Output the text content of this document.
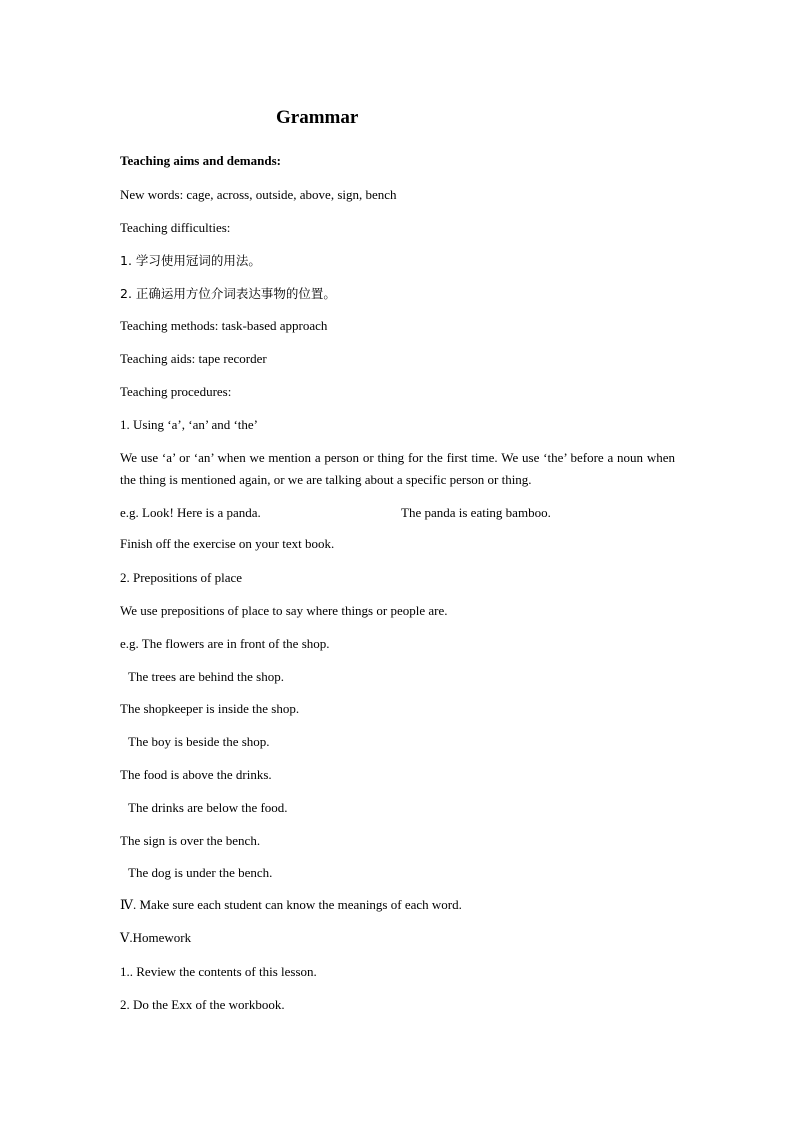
Grammar
Teaching aims and demands:
New words: cage, across, outside, above, sign, bench
Teaching difficulties:
1. 学习使用冠词的用法。
2. 正确运用方位介词表达事物的位置。
Teaching methods: task-based approach
Teaching aids: tape recorder
Teaching procedures:
1. Using ‘a’, ‘an’ and ‘the’
We use ‘a’ or ‘an’ when we mention a person or thing for the first time. We use ‘the’ before a noun when the thing is mentioned again, or we are talking about a specific person or thing.
e.g. Look! Here is a panda.	The panda is eating bamboo.
Finish off the exercise on your text book.
2. Prepositions of place
We use prepositions of place to say where things or people are.
e.g. The flowers are in front of the shop.
The trees are behind the shop.
The shopkeeper is inside the shop.
The boy is beside the shop.
The food is above the drinks.
The drinks are below the food.
The sign is over the bench.
The dog is under the bench.
Ⅳ. Make sure each student can know the meanings of each word.
Ⅴ.Homework
1.. Review the contents of this lesson.
2. Do the Exx of the workbook.
